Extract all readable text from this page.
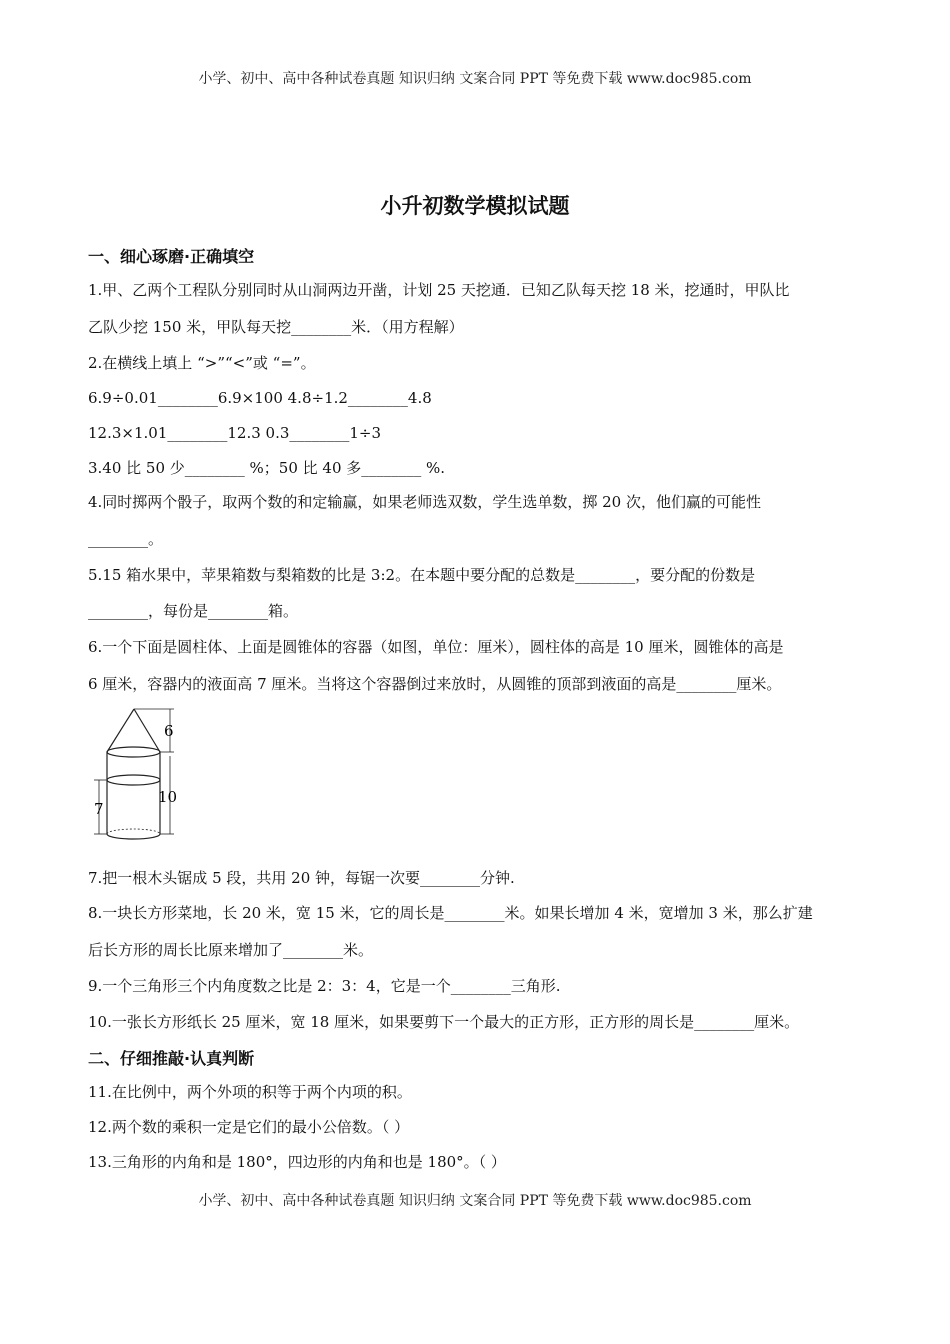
小学、初中、高中各种试卷真题 知识归纳 文案合同 PPT 等免费下载 www.doc985.com
小升初数学模拟试题
一、细心琢磨·正确填空
1.甲、乙两个工程队分别同时从山洞两边开凿，计划 25 天挖通．已知乙队每天挖 18 米，挖通时，甲队比
乙队少挖 150 米，甲队每天挖________米．（用方程解）
2.在横线上填上 “>”“<”或 “=”。
6.9÷0.01________6.9×100 4.8÷1.2________4.8
12.3×1.01________12.3 0.3________1÷3
3.40 比 50 少________ %；50 比 40 多________ %.
4.同时掷两个骰子，取两个数的和定输赢，如果老师选双数，学生选单数，掷 20 次，他们赢的可能性
________。
5.15 箱水果中，苹果箱数与梨箱数的比是 3:2。在本题中要分配的总数是________，要分配的份数是
________，每份是________箱。
6.一个下面是圆柱体、上面是圆锥体的容器（如图，单位：厘米），圆柱体的高是 10 厘米，圆锥体的高是
6 厘米，容器内的液面高 7 厘米。当将这个容器倒过来放时，从圆锥的顶部到液面的高是________厘米。
6
10
7
7.把一根木头锯成 5 段，共用 20 钟，每锯一次要________分钟.
8.一块长方形菜地，长 20 米，宽 15 米，它的周长是________米。如果长增加 4 米，宽增加 3 米，那么扩建
后长方形的周长比原来增加了________米。
9.一个三角形三个内角度数之比是 2：3：4，它是一个________三角形.
10.一张长方形纸长 25 厘米，宽 18 厘米，如果要剪下一个最大的正方形，正方形的周长是________厘米。
二、仔细推敲·认真判断
11.在比例中，两个外项的积等于两个内项的积。
12.两个数的乘积一定是它们的最小公倍数。（ ）
13.三角形的内角和是 180°，四边形的内角和也是 180°。（ ）
小学、初中、高中各种试卷真题 知识归纳 文案合同 PPT 等免费下载 www.doc985.com
